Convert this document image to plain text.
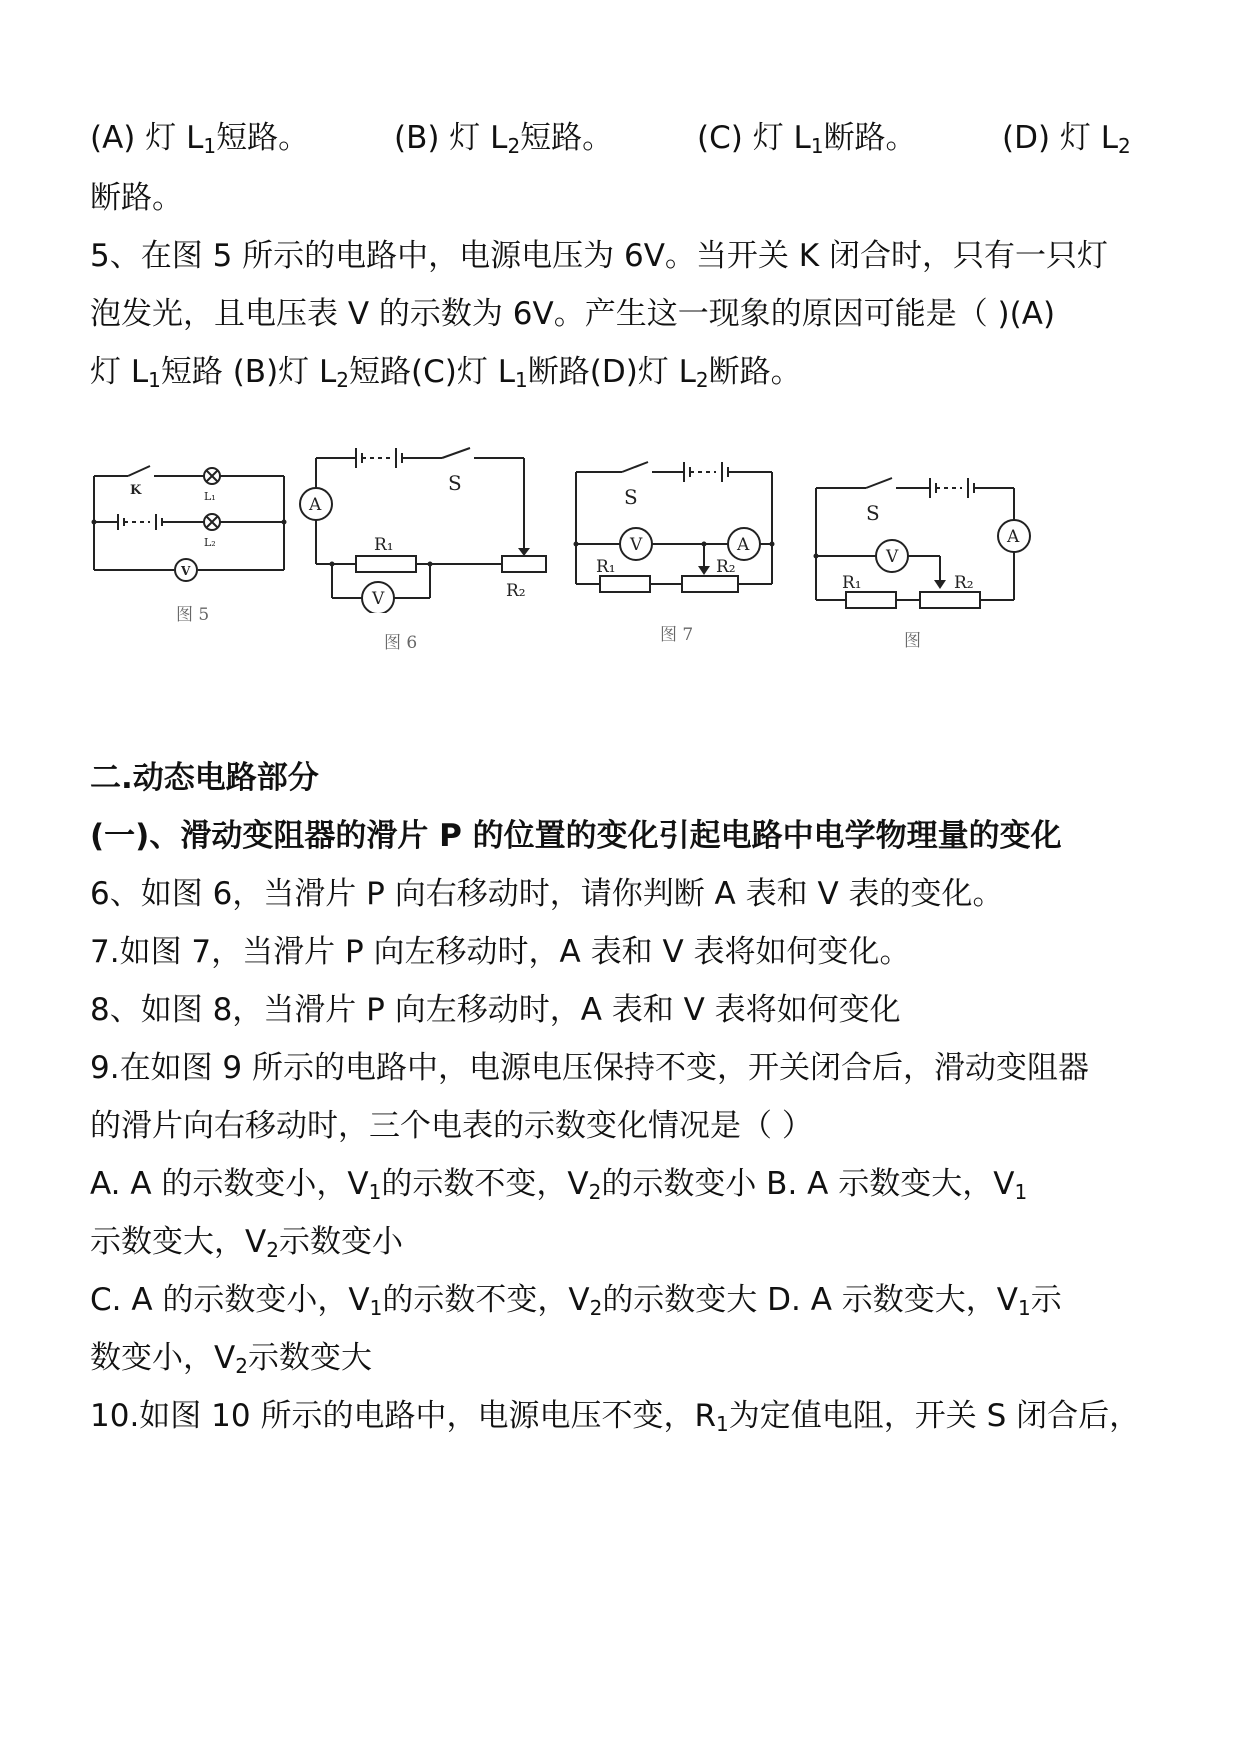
(A) 灯 $L_1$短路。	(B) 灯 $L_2$短路。	(C) 灯 $L_1$断路。	(D) 灯 $L_2$
断路。
5、在图 5 所示的电路中，电源电压为 6V。当开关 K 闭合时，只有一只灯
泡发光，且电压表 V 的示数为 6V。产生这一现象的原因可能是（ )(A)
灯 $L_1$短路 (B)灯 $L_2$短路(C)灯 $L_1$断路(D)灯 $L_2$断路。
K	L₁
L₂
V
图 5
A
V
S
R₁
R₂
图 6
V	A
S
R₁	R₂
图 7
V
A
S
R₁	R₂
图
二.动态电路部分
(一)、滑动变阻器的滑片 P 的位置的变化引起电路中电学物理量的变化
6、如图 6，当滑片 P 向右移动时，请你判断 A 表和 V 表的变化。
7.如图 7，当滑片 P 向左移动时，A 表和 V 表将如何变化。
8、如图 8，当滑片 P 向左移动时，A 表和 V 表将如何变化
9.在如图 9 所示的电路中，电源电压保持不变，开关闭合后，滑动变阻器
的滑片向右移动时，三个电表的示数变化情况是（ ）
A. A 的示数变小，$V_1$的示数不变，$V_2$的示数变小 B. A 示数变大，$V_1$
示数变大，$V_2$示数变小
C. A 的示数变小，$V_1$的示数不变，$V_2$的示数变大 D. A 示数变大，$V_1$示
数变小，$V_2$示数变大
10.如图 10 所示的电路中，电源电压不变，$R_1$为定值电阻，开关 S 闭合后，
